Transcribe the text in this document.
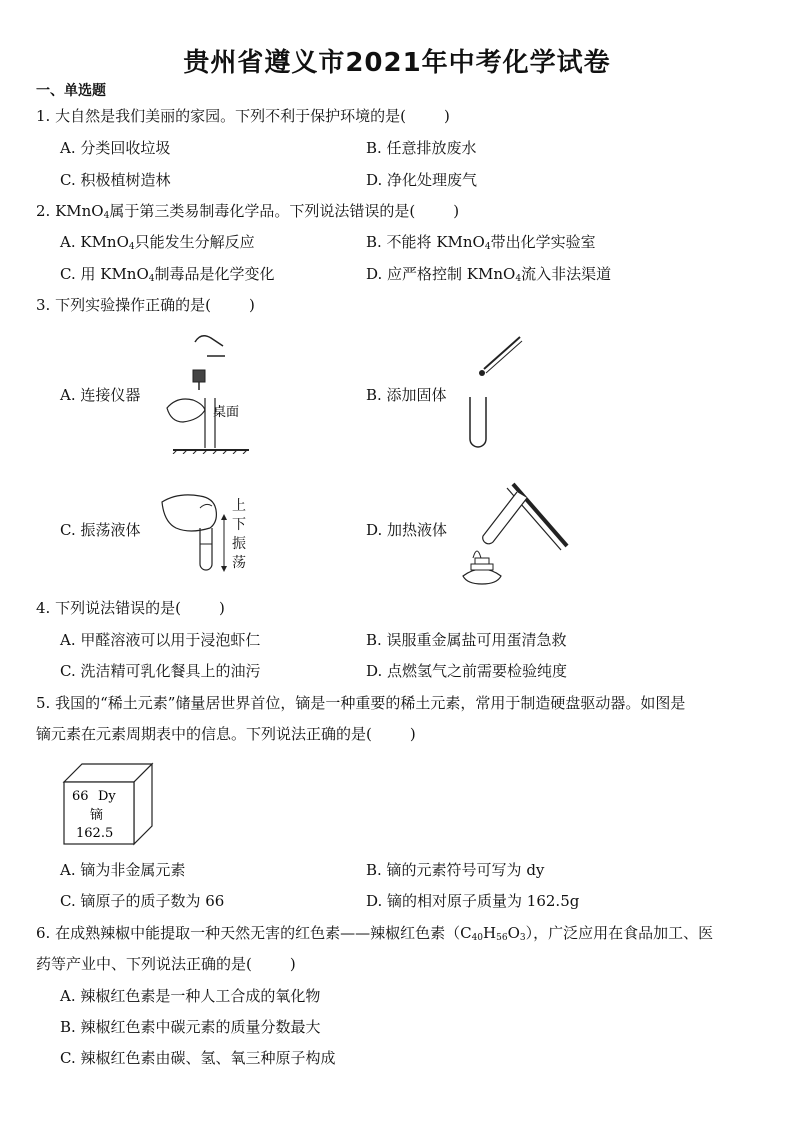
贵州省遵义市2021年中考化学试卷
一、单选题
1. 大自然是我们美丽的家园。下列不利于保护环境的是(	)
A. 分类回收垃圾	B. 任意排放废水
C. 积极植树造林	D. 净化处理废气
2. KMnO$_4$属于第三类易制毒化学品。下列说法错误的是(	)
A. KMnO$_4$只能发生分解反应	B. 不能将 KMnO$_4$带出化学实验室
C. 用 KMnO$_4$制毒品是化学变化	D. 应严格控制 KMnO$_4$流入非法渠道
3. 下列实验操作正确的是(	)
A. 连接仪器
桌面
B. 添加固体
C. 振荡液体
上
下
振
荡
D. 加热液体
4. 下列说法错误的是(	)
A. 甲醛溶液可以用于浸泡虾仁	B. 误服重金属盐可用蛋清急救
C. 洗洁精可乳化餐具上的油污	D. 点燃氢气之前需要检验纯度
5. 我国的“稀土元素”储量居世界首位，镝是一种重要的稀土元素，常用于制造硬盘驱动器。如图是
镝元素在元素周期表中的信息。下列说法正确的是(	)
66 Dy
镝
162.5
A. 镝为非金属元素	B. 镝的元素符号可写为 dy
C. 镝原子的质子数为 66	D. 镝的相对原子质量为 162.5g
6. 在成熟辣椒中能提取一种天然无害的红色素——辣椒红色素$(C_{40}H_{56}O_3)$，广泛应用在食品加工、医
药等产业中、下列说法正确的是(	)
A. 辣椒红色素是一种人工合成的氧化物
B. 辣椒红色素中碳元素的质量分数最大
C. 辣椒红色素由碳、氢、氧三种原子构成
